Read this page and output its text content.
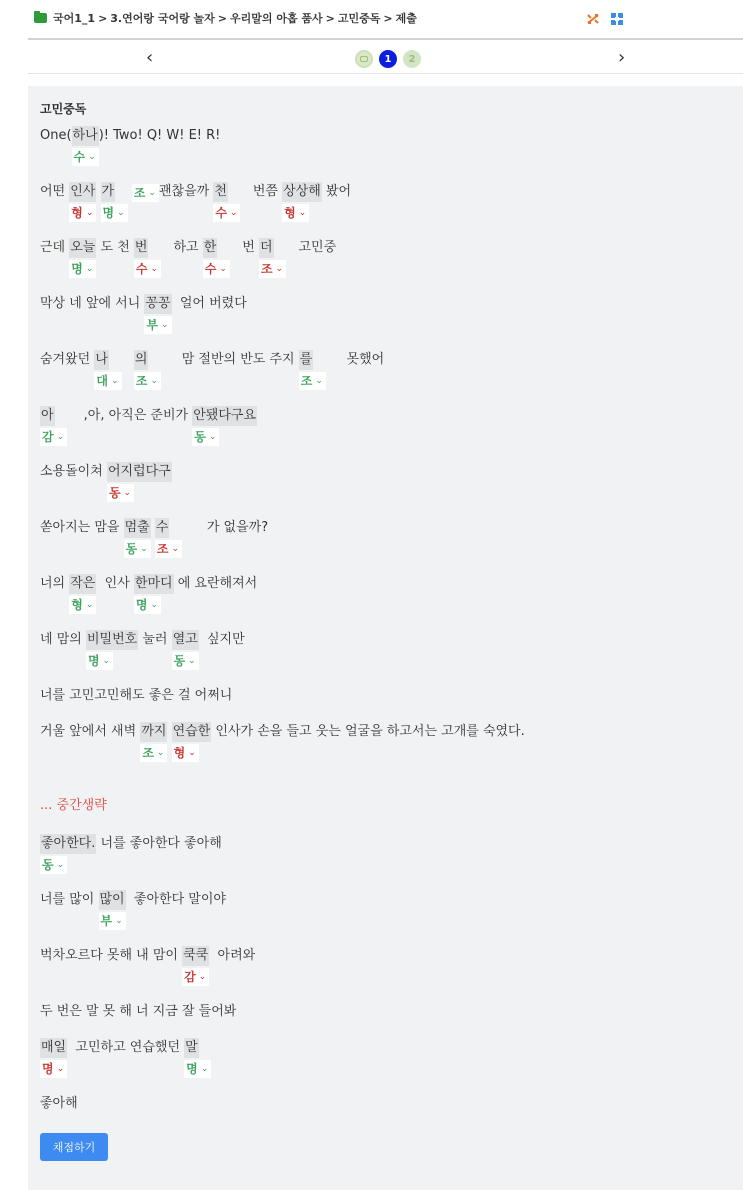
국어1_1 > 3.연어랑 국어랑 놀자 > 우리말의 아홉 품사 > 고민중독 > 제출
‹	1	2	›
고민중독
One( 하나
수 ⌄
)! Two! Q! W! E! R!
어떤 인사
형 ⌄

가
명 ⌄

조 ⌄ 괜찮을까 천
수 ⌄
번쯤 상상해
형 ⌄
봤어
근데 오늘
명 ⌄
도 천 번
수 ⌄
하고 한
수 ⌄
번 더
조 ⌄
고민중
막상 네 앞에 서니 꽁꽁
부 ⌄
얼어 버렸다
숨겨왔던 나
대 ⌄

의
조 ⌄
맘 절반의 반도 주지 를
조 ⌄
못했어
아
감 ⌄
,아, 아직은 준비가 안됐다구요
동 ⌄
소용돌이쳐 어지럽다구
동 ⌄
쏟아지는 맘을 멈출
동 ⌄

수
조 ⌄
가 없을까?
너의 작은
형 ⌄
인사 한마디
명 ⌄
에 요란해져서
네 맘의 비밀번호
명 ⌄
눌러 열고
동 ⌄
싶지만
너를 고민고민해도 좋은 걸 어쩌니
거울 앞에서 새벽 까지
조 ⌄

연습한
형 ⌄
인사가 손을 들고 웃는 얼굴을 하고서는 고개를 숙였다.
좋아한다.
동 ⌄
너를 좋아한다 좋아해
너를 많이 많이
부 ⌄
좋아한다 말이야
벅차오르다 못해 내 맘이 쿡쿡
감 ⌄
아려와
두 번은 말 못 해 너 지금 잘 들어봐
매일
명 ⌄
고민하고 연습했던 말
명 ⌄
좋아해
... 중간생략
채점하기
